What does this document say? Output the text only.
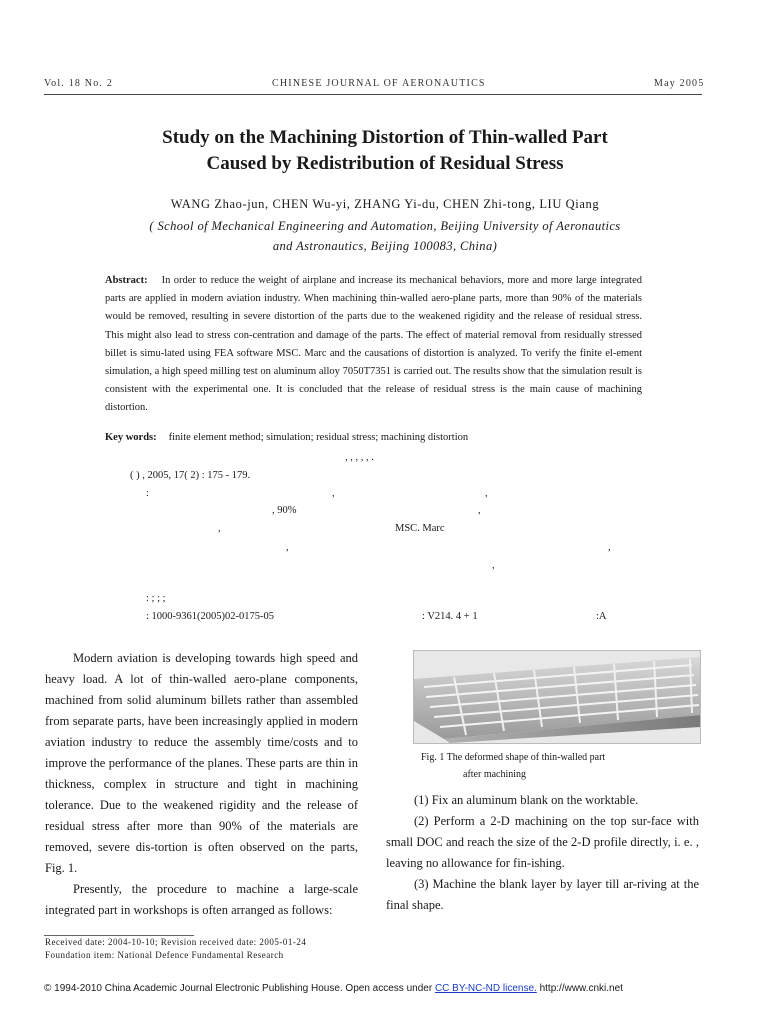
Vol. 18 No. 2	CHINESE JOURNAL OF AERONAUTICS	May 2005
Study on the Machining Distortion of Thin-walled Part
Caused by Redistribution of Residual Stress
WANG Zhao-jun, CHEN Wu-yi, ZHANG Yi-du, CHEN Zhi-tong, LIU Qiang
( School of Mechanical Engineering and Automation, Beijing University of Aeronautics
and Astronautics, Beijing 100083, China)
Abstract: In order to reduce the weight of airplane and increase its mechanical behaviors, more and more large integrated parts are applied in modern aviation industry. When machining thin-walled aero-plane parts, more than 90% of the materials would be removed, resulting in severe distortion of the parts due to the weakened rigidity and the release of residual stress. This might also lead to stress con-centration and damage of the parts. The effect of material removal from residually stressed billet is simu-lated using FEA software MSC. Marc and the causations of distortion is analyzed. To verify the finite el-ement simulation, a high speed milling test on aluminum alloy 7050T7351 is carried out. The results show that the simulation result is consistent with the experimental one. It is concluded that the release of residual stress is the main cause of machining distortion.
Key words: finite element method; simulation; residual stress; machining distortion
, , , , , .
( ) , 2005, 17( 2) : 175 - 179.
:	,	,
, 90%	,
,	MSC. Marc
,	,
,
: ; ; ;
: 1000-9361(2005)02-0175-05	: V214. 4 + 1	:A

Modern aviation is developing towards high speed and heavy load. A lot of thin-walled aero-plane components, machined from solid aluminum billets rather than assembled from separate parts, have been increasingly applied in modern aviation industry to reduce the assembly time/costs and to improve the performance of the planes. These parts are thin in thickness, complex in structure and tight in machining tolerance. Due to the weakened rigidity and the release of residual stress after more than 90% of the materials are removed, severe dis-tortion is often observed on the parts, Fig. 1.

Presently, the procedure to machine a large-scale integrated part in workshops is often arranged as follows:

Fig. 1 The deformed shape of thin-walled part
after machining

(1) Fix an aluminum blank on the worktable.

(2) Perform a 2-D machining on the top sur-face with small DOC and reach the size of the 2-D profile directly, i. e. , leaving no allowance for fin-ishing.

(3) Machine the blank layer by layer till ar-riving at the final shape.

Received date: 2004-10-10; Revision received date: 2005-01-24
Foundation item: National Defence Fundamental Research
© 1994-2010 China Academic Journal Electronic Publishing House. Open access under CC BY-NC-ND license. http://www.cnki.net
